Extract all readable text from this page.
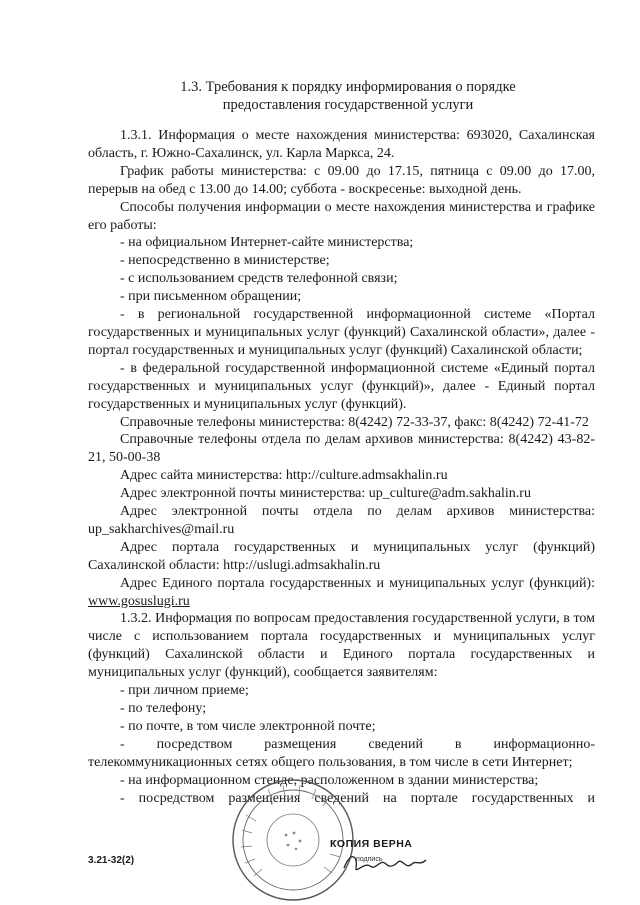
1.3. Требования к порядку информирования о порядке
предоставления государственной услуги

1.3.1. Информация о месте нахождения министерства: 693020, Сахалинская область, г. Южно-Сахалинск, ул. Карла Маркса, 24.

График работы министерства: с 09.00 до 17.15, пятница с 09.00 до 17.00, перерыв на обед с 13.00 до 14.00; суббота - воскресенье: выходной день.

Способы получения информации о месте нахождения министерства и графике его работы:

- на официальном Интернет-сайте министерства;

- непосредственно в министерстве;

- с использованием средств телефонной связи;

- при письменном обращении;

- в региональной государственной информационной системе «Портал государственных и муниципальных услуг (функций) Сахалинской области», далее - портал государственных и муниципальных услуг (функций) Сахалинской области;

- в федеральной государственной информационной системе «Единый портал государственных и муниципальных услуг (функций)», далее - Единый портал государственных и муниципальных услуг (функций).

Справочные телефоны министерства: 8(4242) 72-33-37, факс: 8(4242) 72-41-72

Справочные телефоны отдела по делам архивов министерства: 8(4242) 43-82-21, 50-00-38

Адрес сайта министерства: http://culture.admsakhalin.ru

Адрес электронной почты министерства: up_culture@adm.sakhalin.ru

Адрес электронной почты отдела по делам архивов министерства: up_sakharchives@mail.ru

Адрес портала государственных и муниципальных услуг (функций) Сахалинской области: http://uslugi.admsakhalin.ru

Адрес Единого портала государственных и муниципальных услуг (функций): www.gosuslugi.ru

1.3.2. Информация по вопросам предоставления государственной услуги, в том числе с использованием портала государственных и муниципальных услуг (функций) Сахалинской области и Единого портала государственных и муниципальных услуг (функций), сообщается заявителям:

- при личном приеме;

- по телефону;

- по почте, в том числе электронной почте;

- посредством размещения сведений в информационно-телекоммуникационных сетях общего пользования, в том числе в сети Интернет;

- на информационном стенде, расположенном в здании министерства;

- посредством размещения сведений на портале государственных и

КОПИЯ ВЕРНА
подпись
3.21-32(2)
